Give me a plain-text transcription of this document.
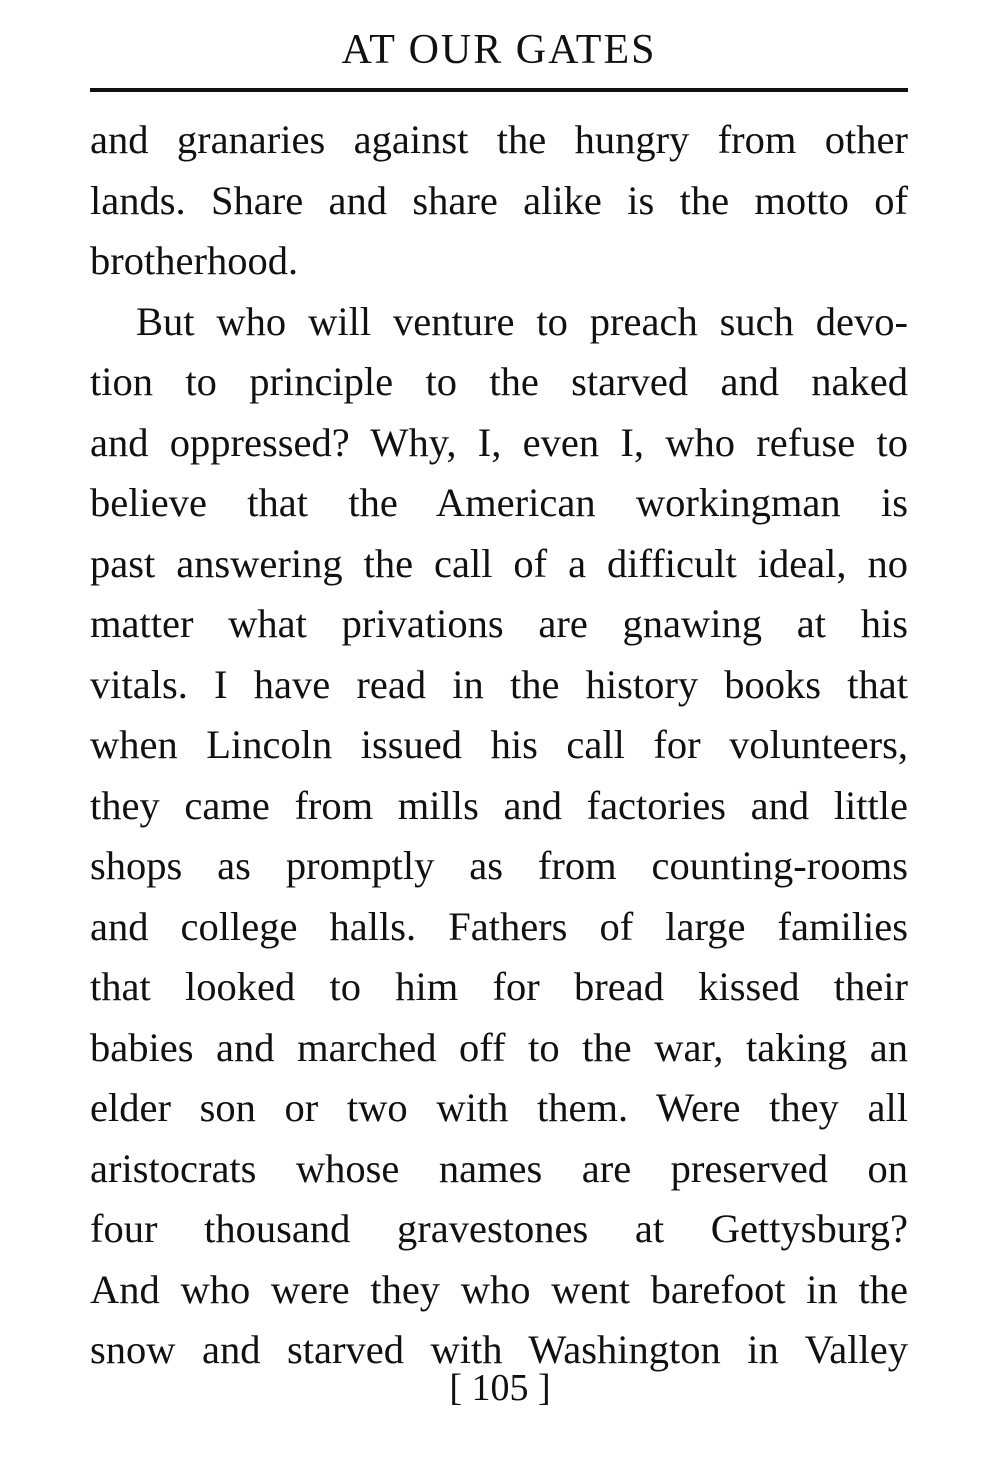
AT OUR GATES
and granaries against the hungry from other
lands. Share and share alike is the motto of
brotherhood.
But who will venture to preach such devo-
tion to principle to the starved and naked
and oppressed? Why, I, even I, who refuse to
believe that the American workingman is
past answering the call of a difficult ideal, no
matter what privations are gnawing at his
vitals. I have read in the history books that
when Lincoln issued his call for volunteers,
they came from mills and factories and little
shops as promptly as from counting-rooms
and college halls. Fathers of large families
that looked to him for bread kissed their
babies and marched off to the war, taking an
elder son or two with them. Were they all
aristocrats whose names are preserved on
four thousand gravestones at Gettysburg?
And who were they who went barefoot in the
snow and starved with Washington in Valley
[ 105 ]
